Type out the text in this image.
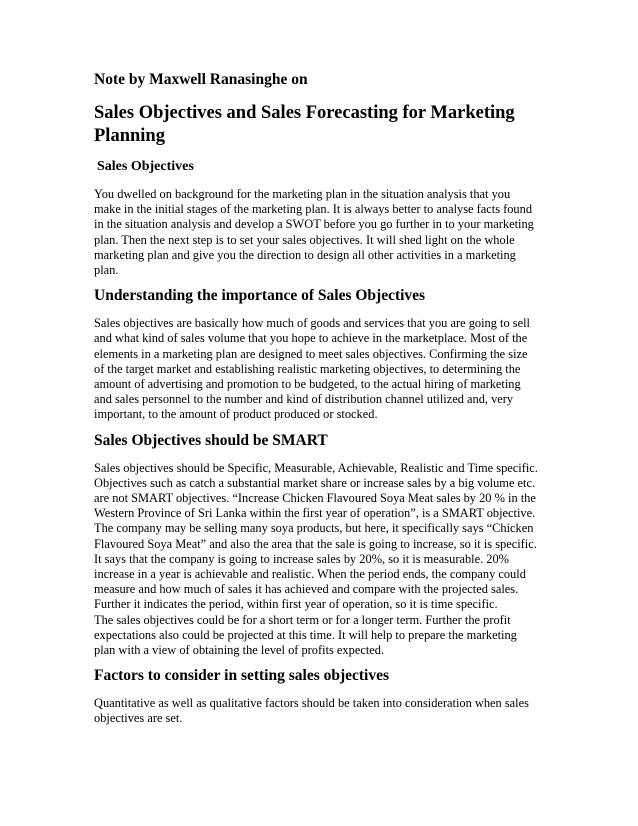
Note by Maxwell Ranasinghe on
Sales Objectives and Sales Forecasting for Marketing
Planning
Sales Objectives
You dwelled on background for the marketing plan in the situation analysis that you
make in the initial stages of the marketing plan. It is always better to analyse facts found
in the situation analysis and develop a SWOT before you go further in to your marketing
plan. Then the next step is to set your sales objectives. It will shed light on the whole
marketing plan and give you the direction to design all other activities in a marketing
plan.
Understanding the importance of Sales Objectives
Sales objectives are basically how much of goods and services that you are going to sell
and what kind of sales volume that you hope to achieve in the marketplace. Most of the
elements in a marketing plan are designed to meet sales objectives. Confirming the size
of the target market and establishing realistic marketing objectives, to determining the
amount of advertising and promotion to be budgeted, to the actual hiring of marketing
and sales personnel to the number and kind of distribution channel utilized and, very
important, to the amount of product produced or stocked.
Sales Objectives should be SMART
Sales objectives should be Specific, Measurable, Achievable, Realistic and Time specific.
Objectives such as catch a substantial market share or increase sales by a big volume etc.
are not SMART objectives. “Increase Chicken Flavoured Soya Meat sales by 20 % in the
Western Province of Sri Lanka within the first year of operation”, is a SMART objective.
The company may be selling many soya products, but here, it specifically says “Chicken
Flavoured Soya Meat” and also the area that the sale is going to increase, so it is specific.
It says that the company is going to increase sales by 20%, so it is measurable. 20%
increase in a year is achievable and realistic. When the period ends, the company could
measure and how much of sales it has achieved and compare with the projected sales.
Further it indicates the period, within first year of operation, so it is time specific.
The sales objectives could be for a short term or for a longer term. Further the profit
expectations also could be projected at this time. It will help to prepare the marketing
plan with a view of obtaining the level of profits expected.
Factors to consider in setting sales objectives
Quantitative as well as qualitative factors should be taken into consideration when sales
objectives are set.
